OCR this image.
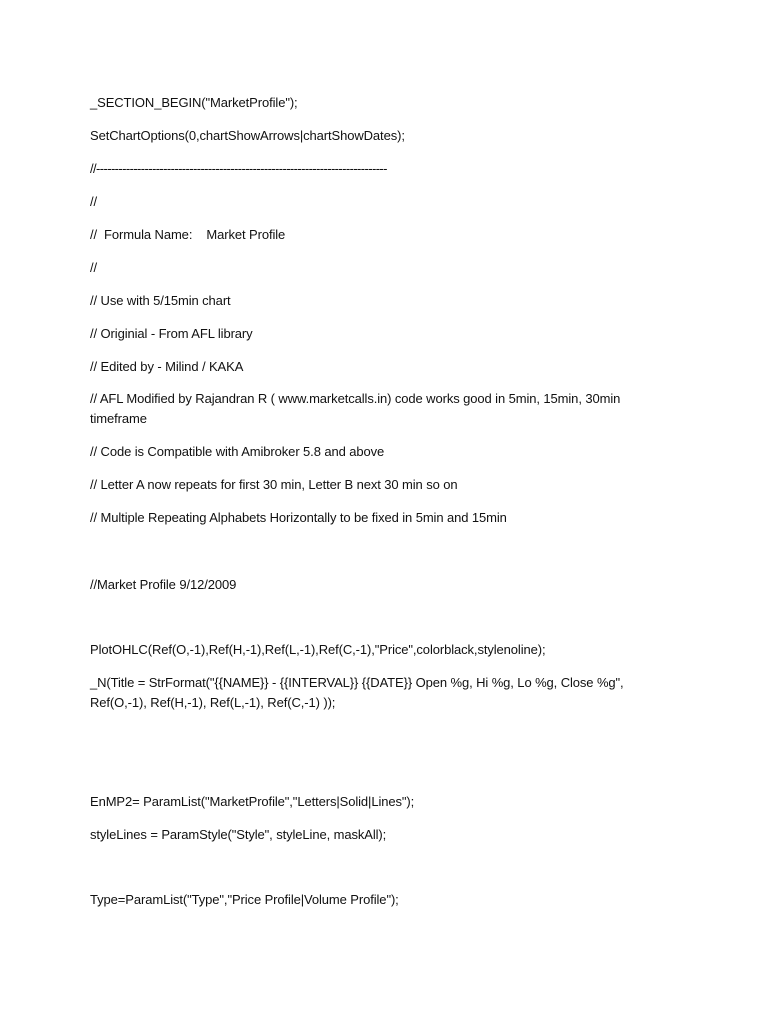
_SECTION_BEGIN("MarketProfile");
SetChartOptions(0,chartShowArrows|chartShowDates);
//------------------------------------------------------------------------------
//
//  Formula Name:    Market Profile
//
// Use with 5/15min chart
// Originial - From AFL library
// Edited by - Milind / KAKA
// AFL Modified by Rajandran R ( www.marketcalls.in) code works good in 5min, 15min, 30min timeframe
// Code is Compatible with Amibroker 5.8 and above
// Letter A now repeats for first 30 min, Letter B next 30 min so on
// Multiple Repeating Alphabets Horizontally to be fixed in 5min and 15min
//Market Profile 9/12/2009
PlotOHLC(Ref(O,-1),Ref(H,-1),Ref(L,-1),Ref(C,-1),"Price",colorblack,stylenoline);
_N(Title = StrFormat("{{NAME}} - {{INTERVAL}} {{DATE}} Open %g, Hi %g, Lo %g, Close %g", Ref(O,-1), Ref(H,-1), Ref(L,-1), Ref(C,-1) ));
EnMP2= ParamList("MarketProfile","Letters|Solid|Lines");
styleLines = ParamStyle("Style", styleLine, maskAll);
Type=ParamList("Type","Price Profile|Volume Profile");
